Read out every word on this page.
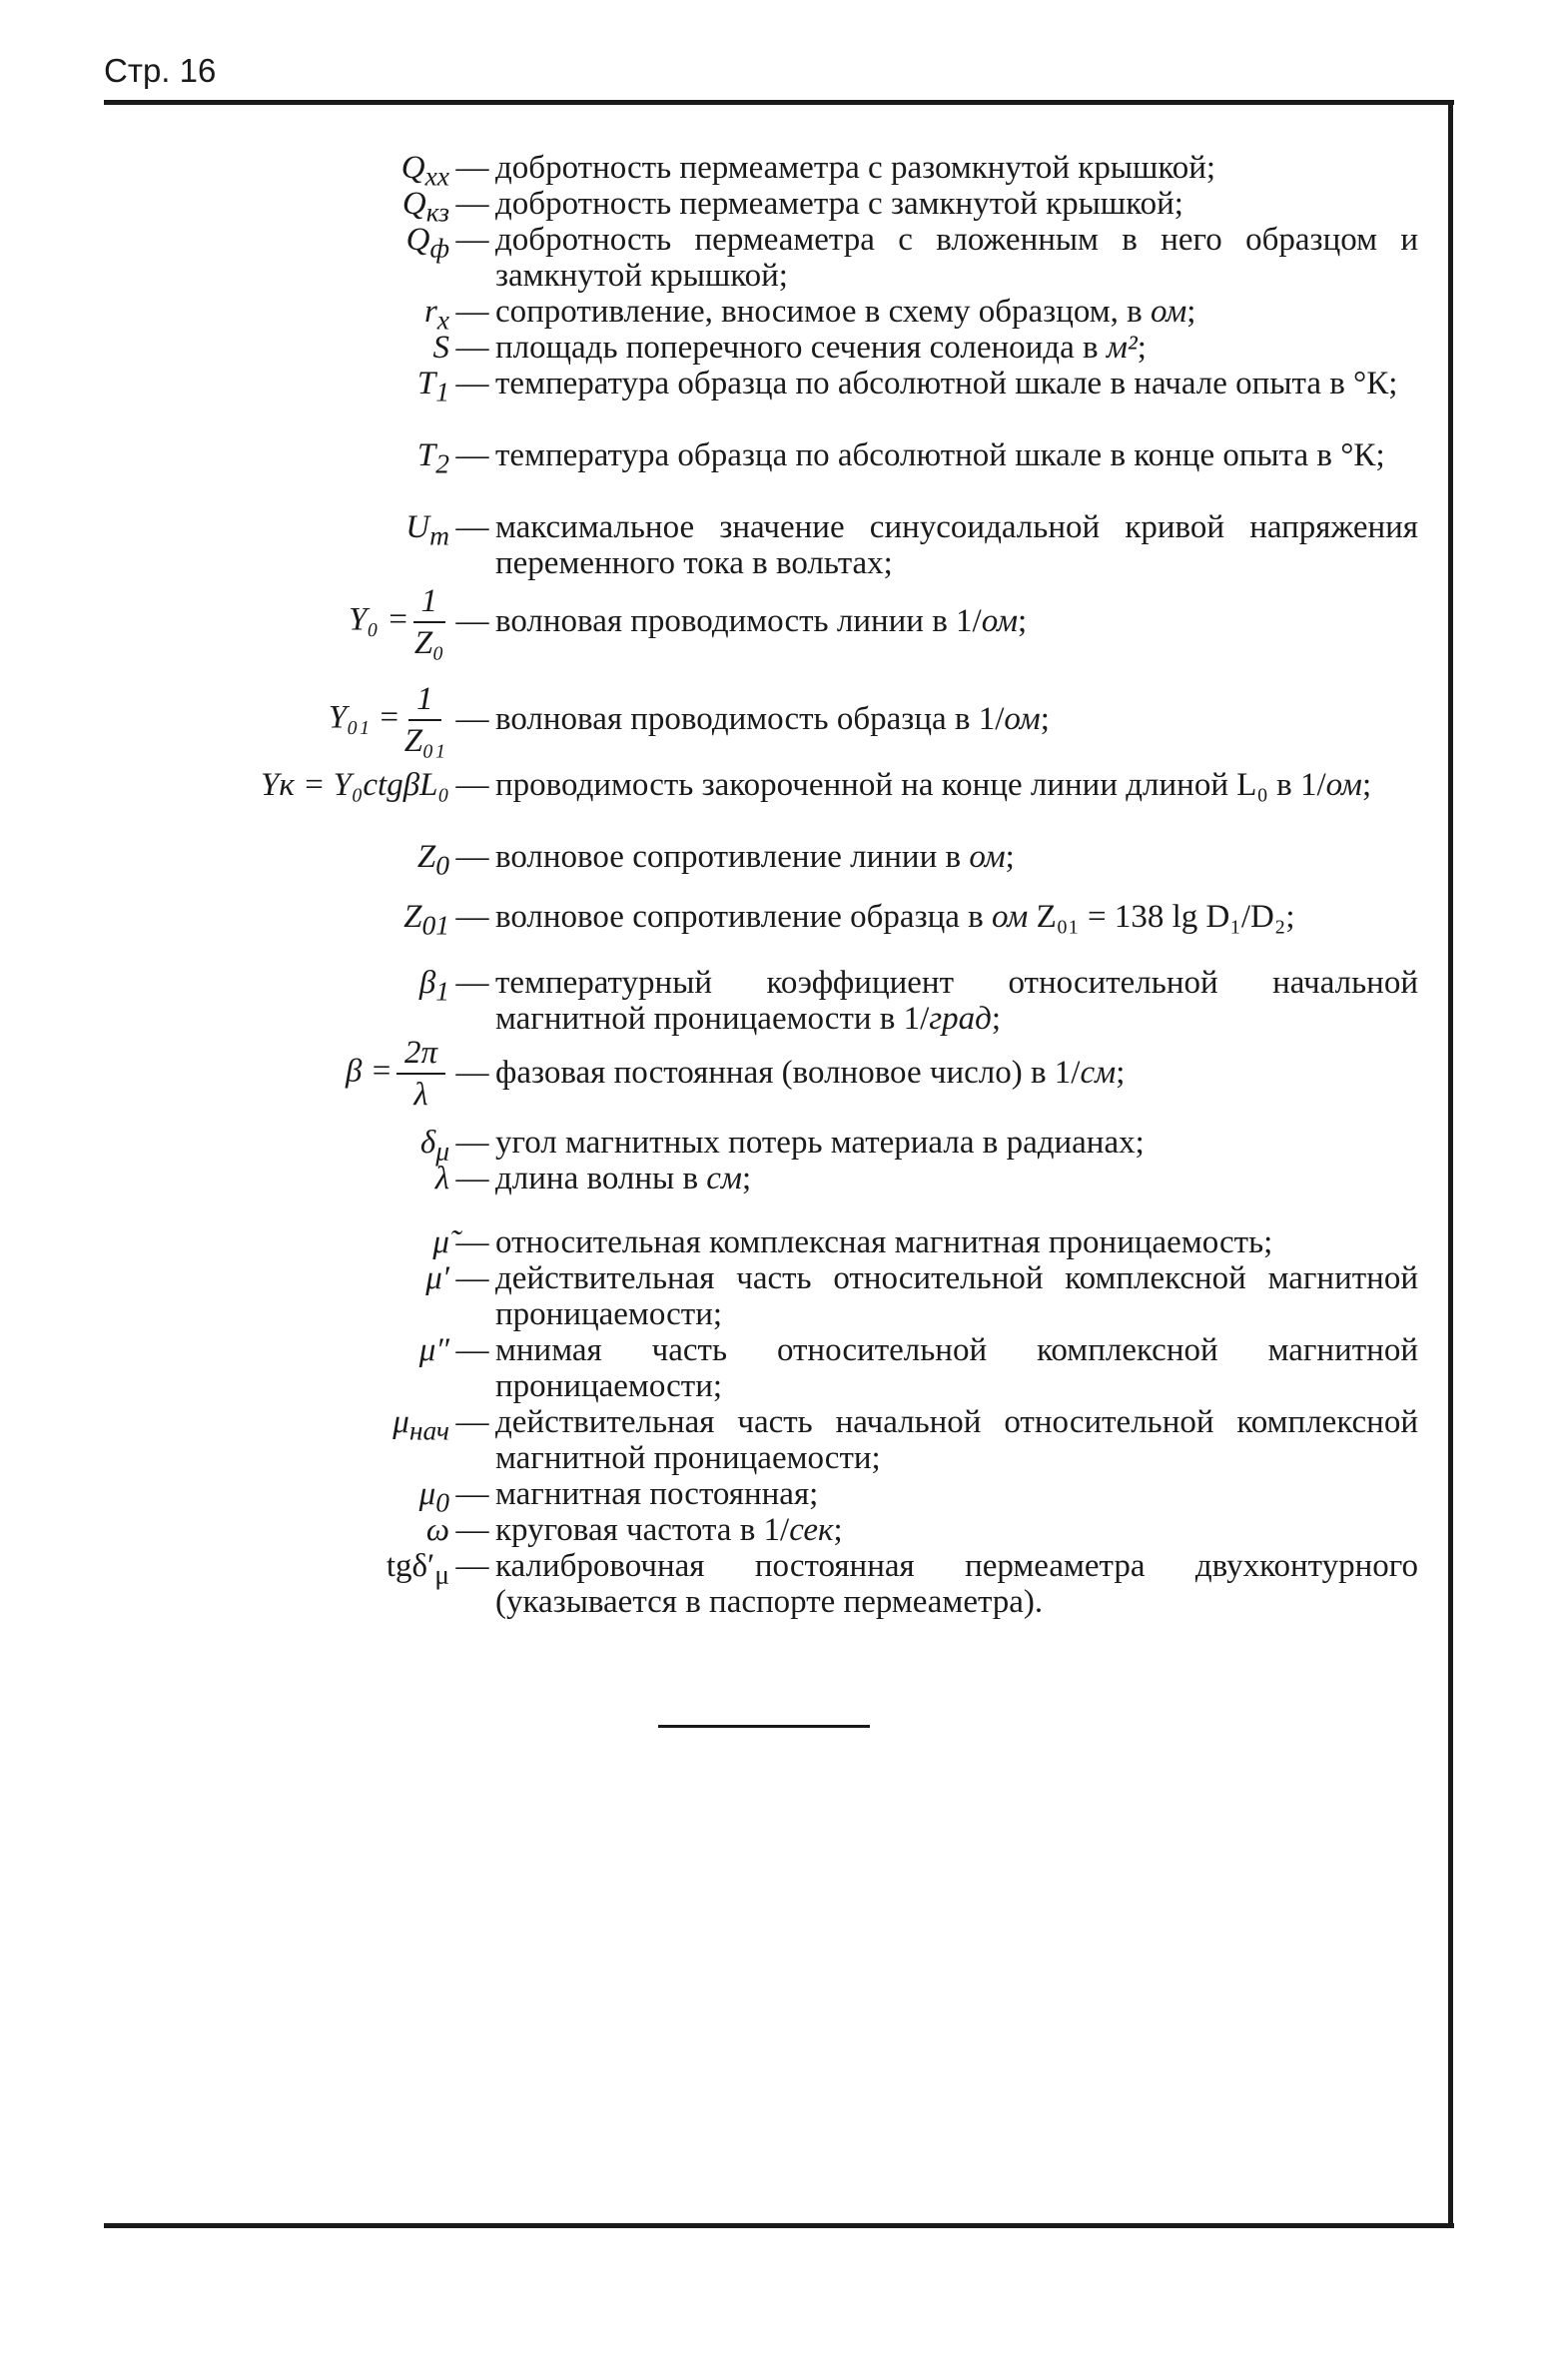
Стр. 16
$Q_{хх}$ — добротность пермеаметра с разомкнутой крышкой;
$Q_{кз}$ — добротность пермеаметра с замкнутой крышкой;
$Q_ф$ — добротность пермеаметра с вложенным в него образцом и замкнутой крышкой;
$r_x$ — сопротивление, вносимое в схему образцом, в ом;
S — площадь поперечного сечения соленоида в м²;
$T_1$ — температура образца по абсолютной шкале в начале опыта в °К;
$T_2$ — температура образца по абсолютной шкале в конце опыта в °К;
$U_m$ — максимальное значение синусоидальной кривой напряжения переменного тока в вольтах;
$Y_0 = \frac{1}{\text{Z₀}}$ — волновая проводимость линии в 1/ом;
$Y_{01} = \frac{1}{\text{Z₀₁}}$ — волновая проводимость образца в 1/ом;
Yк = Y₀ctgβL₀ — проводимость закороченной на конце линии длиной L₀ в 1/ом;
$Z_0$ — волновое сопротивление линии в ом;
$Z_{01}$ — волновое сопротивление образца в ом Z₀₁ = 138 lg D₁/D₂;
$\beta_1$ — температурный коэффициент относительной начальной магнитной проницаемости в 1/град;
$\beta = \frac{2\pi}{\lambda}$ — фазовая постоянная (волновое число) в 1/см;
$\delta_\mu$ — угол магнитных потерь материала в радианах;
λ — длина волны в см;
μ̃ — относительная комплексная магнитная проницаемость;
μ′ — действительная часть относительной комплексной магнитной проницаемости;
μ″ — мнимая часть относительной комплексной магнитной проницаемости;
$\mu_{нач}$ — действительная часть начальной относительной комплексной магнитной проницаемости;
$\mu_0$ — магнитная постоянная;
ω — круговая частота в 1/сек;
$tg\delta'_\mu$ — калибровочная постоянная пермеаметра двухконтурного (указывается в паспорте пермеаметра).
